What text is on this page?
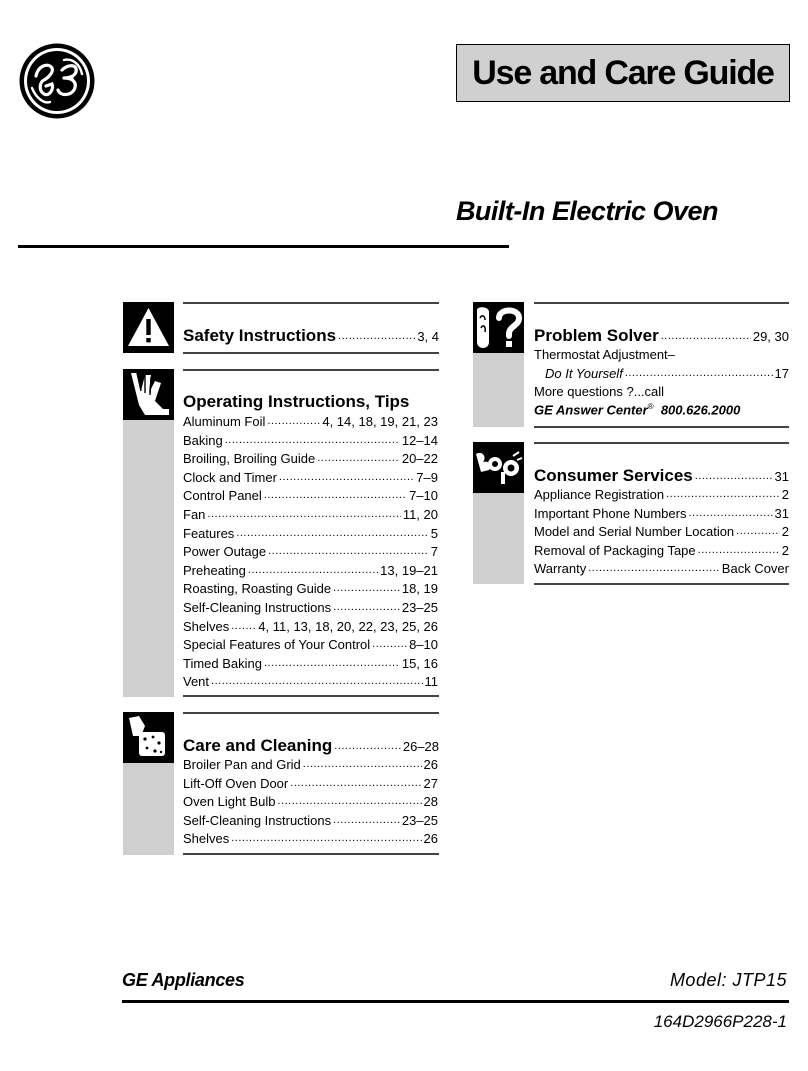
Use and Care Guide
Built-In Electric Oven
Safety Instructions .....	3, 4
Operating Instructions, Tips
Aluminum Foil .....	4, 14, 18, 19, 21, 23
Baking .....	12–14
Broiling, Broiling Guide .....	20–22
Clock and Timer .....	7–9
Control Panel .....	7–10
Fan .....	11, 20
Features .....	5
Power Outage .....	7
Preheating .....	13, 19–21
Roasting, Roasting Guide .....	18, 19
Self-Cleaning Instructions .....	23–25
Shelves ..... 4, 11, 13, 18, 20, 22, 23, 25, 26
Special Features of Your Control .....	8–10
Timed Baking .....	15, 16
Vent .....	11
Care and Cleaning .....	26–28
Broiler Pan and Grid .....	26
Lift-Off Oven Door .....	27
Oven Light Bulb .....	28
Self-Cleaning Instructions .....	23–25
Shelves .....	26
Problem Solver .....	29, 30
Thermostat Adjustment–
Do It Yourself .....	17
More questions ?...call
GE Answer Center® 800.626.2000
Consumer Services .....	31
Appliance Registration .....	2
Important Phone Numbers .....	31
Model and Serial Number Location .....	2
Removal of Packaging Tape .....	2
Warranty .....	Back Cover
GE Appliances	Model: JTP15
164D2966P228-1
